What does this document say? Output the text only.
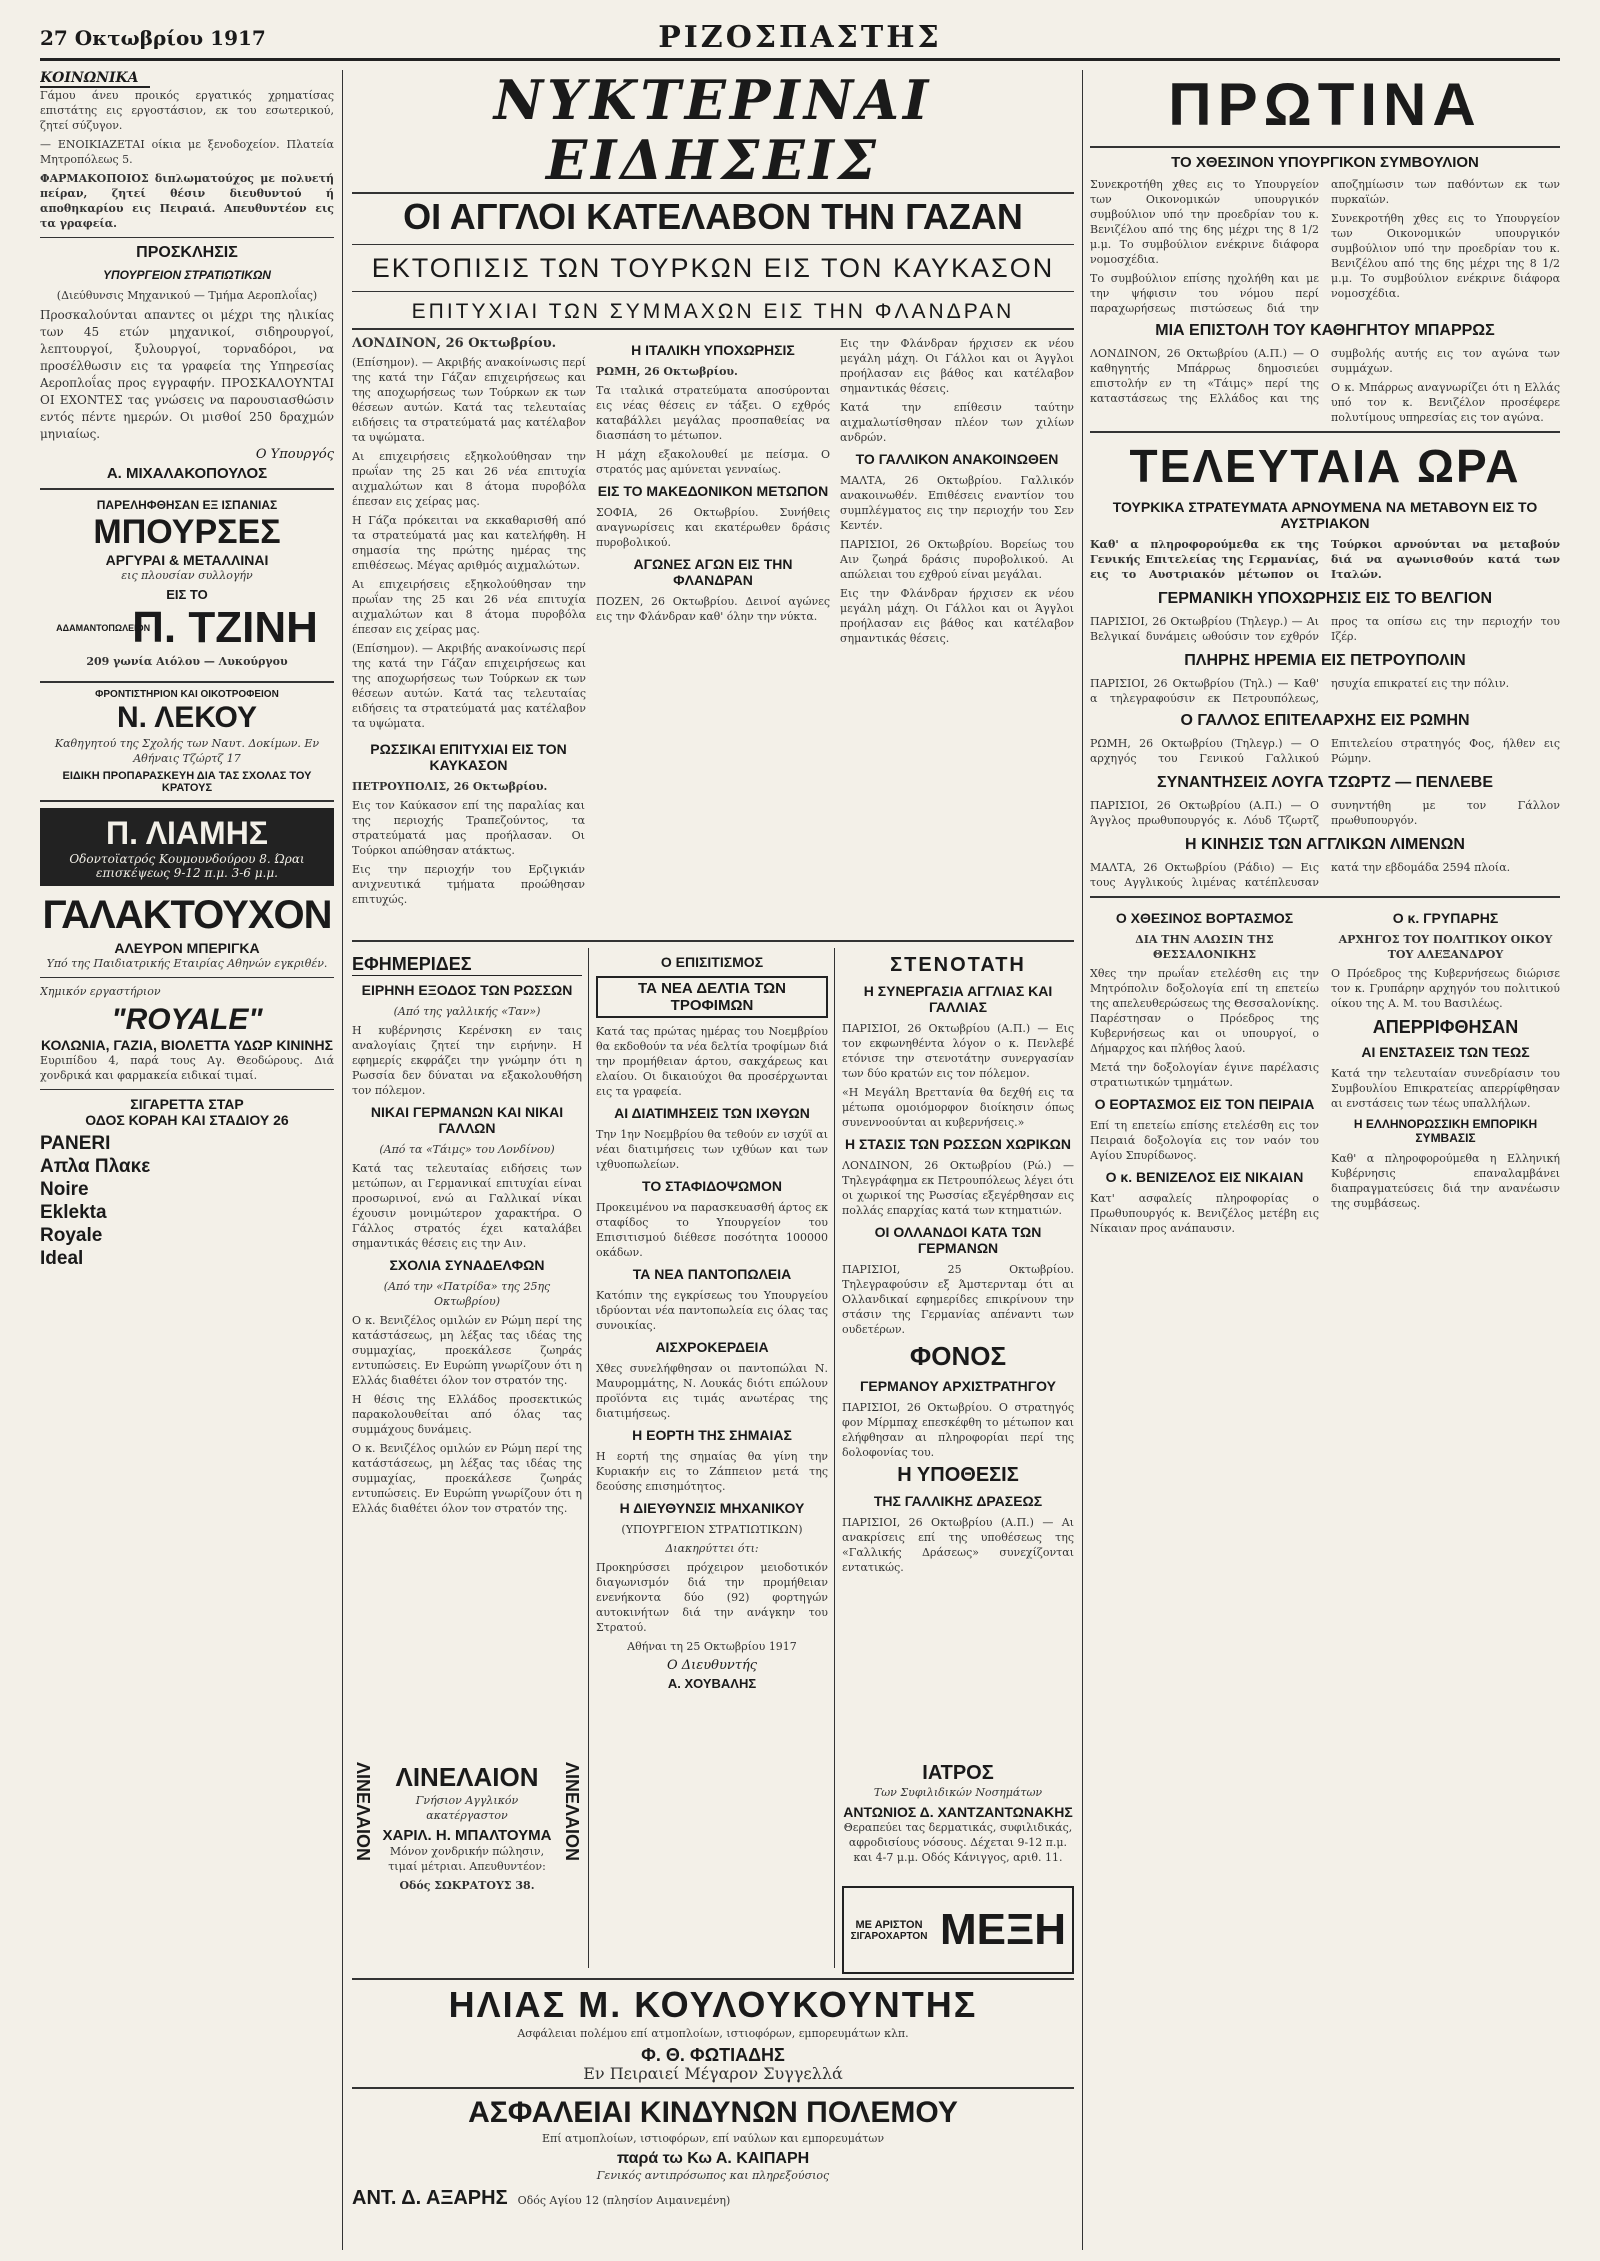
27 Οκτωβρίου 1917	ΡΙΖΟΣΠΑΣΤΗΣ
ΚΟΙΝΩΝΙΚΑ

Γάμου άνευ προικός εργατικός χρηματίσας επιστάτης εις εργοστάσιον, εκ του εσωτερικού, ζητεί σύζυγον.

— ΕΝΟΙΚΙΑΖΕΤΑΙ οίκια με ξενοδοχείον. Πλατεία Μητροπόλεως 5.

ΦΑΡΜΑΚΟΠΟΙΟΣ διπλωματούχος με πολυετή πείραν, ζητεί θέσιν διευθυντού ή αποθηκαρίου εις Πειραιά. Απευθυντέον εις τα γραφεία.

ΠΡΟΣΚΛΗΣΙΣ
ΥΠΟΥΡΓΕΙΟΝ ΣΤΡΑΤΙΩΤΙΚΩΝ
(Διεύθυνσις Μηχανικού — Τμήμα Αεροπλοΐας)

Προσκαλούνται απαντες οι μέχρι της ηλικίας των 45 ετών μηχανικοί, σιδηρουργοί, λεπτουργοί, ξυλουργοί, τορναδόροι, να προσέλθωσιν εις τα γραφεία της Υπηρεσίας Αεροπλοΐας προς εγγραφήν. ΠΡΟΣΚΑΛΟΥΝΤΑΙ ΟΙ ΕΧΟΝΤΕΣ τας γνώσεις να παρουσιασθώσιν εντός πέντε ημερών. Οι μισθοί 250 δραχμών μηνιαίως.

Ο Υπουργός
Α. ΜΙΧΑΛΑΚΟΠΟΥΛΟΣ
ΠΑΡΕΛΗΦΘΗΣΑΝ ΕΞ ΙΣΠΑΝΙΑΣ
ΜΠΟΥΡΣΕΣ
ΑΡΓΥΡΑΙ & ΜΕΤΑΛΛΙΝΑΙ
εις πλουσίαν συλλογήν
ΕΙΣ ΤΟ
ΑΔΑΜΑΝΤΟΠΩΛΕΙΟΝ
Π. ΤΖΙΝΗ
209 γωνία Αιόλου — Λυκούργου
ΦΡΟΝΤΙΣΤΗΡΙΟΝ ΚΑΙ ΟΙΚΟΤΡΟΦΕΙΟΝ
Ν. ΛΕΚΟΥ
Καθηγητού της Σχολής των Ναυτ. Δοκίμων. Εν Αθήναις Τζώρτζ 17
ΕΙΔΙΚΗ ΠΡΟΠΑΡΑΣΚΕΥΗ ΔΙΑ ΤΑΣ ΣΧΟΛΑΣ ΤΟΥ ΚΡΑΤΟΥΣ
Π. ΛΙΑΜΗΣ
Οδοντοϊατρός Κουμουνδούρου 8. Ώραι επισκέψεως 9-12 π.μ. 3-6 μ.μ.
ΓΑΛΑΚΤΟΥΧΟΝ
ΑΛΕΥΡΟΝ ΜΠΕΡΙΓΚΑ
Υπό της Παιδιατρικής Εταιρίας Αθηνών εγκριθέν.
Χημικόν εργαστήριον
"ROYALE"
ΚΟΛΩΝΙΑ, ΓΑΖΙΑ, ΒΙΟΛΕΤΤΑ ΥΔΩΡ ΚΙΝΙΝΗΣ
Ευριπίδου 4, παρά τους Αγ. Θεοδώρους. Διά χονδρικά και φαρμακεία ειδικαί τιμαί.
ΣΙΓΑΡΕΤΤΑ ΣΤΑΡ
ΟΔΟΣ ΚΟΡΑΗ ΚΑΙ ΣΤΑΔΙΟΥ 26
PANERI
Απλα Πλακε
Noire
Eklekta
Royale
Ideal
ΝΥΚΤΕΡΙΝΑΙ ΕΙΔΗΣΕΙΣ
ΟΙ ΑΓΓΛΟΙ ΚΑΤΕΛΑΒΟΝ ΤΗΝ ΓΑΖΑΝ
ΕΚΤΟΠΙΣΙΣ ΤΩΝ ΤΟΥΡΚΩΝ ΕΙΣ ΤΟΝ ΚΑΥΚΑΣΟΝ
ΕΠΙΤΥΧΙΑΙ ΤΩΝ ΣΥΜΜΑΧΩΝ ΕΙΣ ΤΗΝ ΦΛΑΝΔΡΑΝ

ΛΟΝΔΙΝΟΝ, 26 Οκτωβρίου.

(Επίσημον). — Ακριβής ανακοίνωσις περί της κατά την Γάζαν επιχειρήσεως και της αποχωρήσεως των Τούρκων εκ των θέσεων αυτών. Κατά τας τελευταίας ειδήσεις τα στρατεύματά μας κατέλαβον τα υψώματα.

Αι επιχειρήσεις εξηκολούθησαν την πρωΐαν της 25 και 26 νέα επιτυχία αιχμαλώτων και 8 άτομα πυροβόλα έπεσαν εις χείρας μας.

Η Γάζα πρόκειται να εκκαθαρισθή από τα στρατεύματά μας και κατελήφθη. Η σημασία της πρώτης ημέρας της επιθέσεως. Μέγας αριθμός αιχμαλώτων.

Αι επιχειρήσεις εξηκολούθησαν την πρωΐαν της 25 και 26 νέα επιτυχία αιχμαλώτων και 8 άτομα πυροβόλα έπεσαν εις χείρας μας.

(Επίσημον). — Ακριβής ανακοίνωσις περί της κατά την Γάζαν επιχειρήσεως και της αποχωρήσεως των Τούρκων εκ των θέσεων αυτών. Κατά τας τελευταίας ειδήσεις τα στρατεύματά μας κατέλαβον τα υψώματα.

Η ΙΤΑΛΙΚΗ ΥΠΟΧΩΡΗΣΙΣ

ΡΩΜΗ, 26 Οκτωβρίου.

Τα ιταλικά στρατεύματα αποσύρονται εις νέας θέσεις εν τάξει. Ο εχθρός καταβάλλει μεγάλας προσπαθείας να διασπάση το μέτωπον.

Η μάχη εξακολουθεί με πείσμα. Ο στρατός μας αμύνεται γενναίως.

ΕΙΣ ΤΟ ΜΑΚΕΔΟΝΙΚΟΝ ΜΕΤΩΠΟΝ

ΣΟΦΙΑ, 26 Οκτωβρίου. Συνήθεις αναγνωρίσεις και εκατέρωθεν δράσις πυροβολικού.

ΑΓΩΝΕΣ ΑΓΩΝ ΕΙΣ ΤΗΝ ΦΛΑΝΔΡΑΝ

ΠΟΖΕΝ, 26 Οκτωβρίου. Δεινοί αγώνες εις την Φλάνδραν καθ' όλην την νύκτα.

Εις την Φλάνδραν ήρχισεν εκ νέου μεγάλη μάχη. Οι Γάλλοι και οι Άγγλοι προήλασαν εις βάθος και κατέλαβον σημαντικάς θέσεις.

Κατά την επίθεσιν ταύτην αιχμαλωτίσθησαν πλέον των χιλίων ανδρών.

ΤΟ ΓΑΛΛΙΚΟΝ ΑΝΑΚΟΙΝΩΘΕΝ

ΜΑΛΤΑ, 26 Οκτωβρίου. Γαλλικόν ανακοινωθέν. Επιθέσεις εναντίον του συμπλέγματος εις την περιοχήν του Σεν Κεντέν.

ΠΑΡΙΣΙΟΙ, 26 Οκτωβρίου. Βορείως του Αιν ζωηρά δράσις πυροβολικού. Αι απώλειαι του εχθρού είναι μεγάλαι.

Εις την Φλάνδραν ήρχισεν εκ νέου μεγάλη μάχη. Οι Γάλλοι και οι Άγγλοι προήλασαν εις βάθος και κατέλαβον σημαντικάς θέσεις.

ΡΩΣΣΙΚΑΙ ΕΠΙΤΥΧΙΑΙ ΕΙΣ ΤΟΝ ΚΑΥΚΑΣΟΝ

ΠΕΤΡΟΥΠΟΛΙΣ, 26 Οκτωβρίου.

Εις τον Καύκασον επί της παραλίας και της περιοχής Τραπεζούντος, τα στρατεύματά μας προήλασαν. Οι Τούρκοι απώθησαν ατάκτως.

Εις την περιοχήν του Ερζιγκιάν ανιχνευτικά τμήματα προώθησαν επιτυχώς.

ΕΦΗΜΕΡΙΔΕΣ
ΕΙΡΗΝΗ ΕΞΟΔΟΣ ΤΩΝ ΡΩΣΣΩΝ
(Από της γαλλικής «Ταν»)

Η κυβέρνησις Κερένσκη εν ταις αναλογίαις ζητεί την ειρήνην. Η εφημερίς εκφράζει την γνώμην ότι η Ρωσσία δεν δύναται να εξακολουθήση τον πόλεμον.

ΝΙΚΑΙ ΓΕΡΜΑΝΩΝ ΚΑΙ ΝΙΚΑΙ ΓΑΛΛΩΝ
(Από τα «Τάιμς» του Λονδίνου)

Κατά τας τελευταίας ειδήσεις των μετώπων, αι Γερμανικαί επιτυχίαι είναι προσωρινοί, ενώ αι Γαλλικαί νίκαι έχουσιν μονιμώτερον χαρακτήρα. Ο Γάλλος στρατός έχει καταλάβει σημαντικάς θέσεις εις την Αιν.

ΣΧΟΛΙΑ ΣΥΝΑΔΕΛΦΩΝ
(Από την «Πατρίδα» της 25ης Οκτωβρίου)

Ο κ. Βενιζέλος ομιλών εν Ρώμη περί της κατάστάσεως, μη λέξας τας ιδέας της συμμαχίας, προεκάλεσε ζωηράς εντυπώσεις. Εν Ευρώπη γνωρίζουν ότι η Ελλάς διαθέτει όλον τον στρατόν της.

Η θέσις της Ελλάδος προσεκτικώς παρακολουθείται από όλας τας συμμάχους δυνάμεις.

Ο κ. Βενιζέλος ομιλών εν Ρώμη περί της κατάστάσεως, μη λέξας τας ιδέας της συμμαχίας, προεκάλεσε ζωηράς εντυπώσεις. Εν Ευρώπη γνωρίζουν ότι η Ελλάς διαθέτει όλον τον στρατόν της.

ΛΙΝΕΛΑΙΟΝ ΛΙΝΕΛΑΙΟΝ
Γνήσιον Αγγλικόν ακατέργαστον
ΧΑΡΙΛ. Η. ΜΠΑΛΤΟΥΜΑ
Μόνον χονδρικήν πώλησιν, τιμαί μέτριαι. Απευθυντέον:
Οδός ΣΩΚΡΑΤΟΥΣ 38.
ΛΙΝΕΛΑΙΟΝ
Ο ΕΠΙΣΙΤΙΣΜΟΣ
ΤΑ ΝΕΑ ΔΕΛΤΙΑ ΤΩΝ ΤΡΟΦΙΜΩΝ

Κατά τας πρώτας ημέρας του Νοεμβρίου θα εκδοθούν τα νέα δελτία τροφίμων διά την προμήθειαν άρτου, σακχάρεως και ελαίου. Οι δικαιούχοι θα προσέρχωνται εις τα γραφεία.

ΑΙ ΔΙΑΤΙΜΗΣΕΙΣ ΤΩΝ ΙΧΘΥΩΝ

Την 1ην Νοεμβρίου θα τεθούν εν ισχύϊ αι νέαι διατιμήσεις των ιχθύων και των ιχθυοπωλείων.

ΤΟ ΣΤΑΦΙΔΟΨΩΜΟΝ

Προκειμένου να παρασκευασθή άρτος εκ σταφίδος το Υπουργείον του Επισιτισμού διέθεσε ποσότητα 100000 οκάδων.

ΤΑ ΝΕΑ ΠΑΝΤΟΠΩΛΕΙΑ

Κατόπιν της εγκρίσεως του Υπουργείου ιδρύονται νέα παντοπωλεία εις όλας τας συνοικίας.

ΑΙΣΧΡΟΚΕΡΔΕΙΑ

Χθες συνελήφθησαν οι παντοπώλαι Ν. Μαυρομμάτης, Ν. Λουκάς διότι επώλουν προϊόντα εις τιμάς ανωτέρας της διατιμήσεως.

Η ΕΟΡΤΗ ΤΗΣ ΣΗΜΑΙΑΣ

Η εορτή της σημαίας θα γίνη την Κυριακήν εις το Ζάππειον μετά της δεούσης επισημότητος.

Η ΔΙΕΥΘΥΝΣΙΣ ΜΗΧΑΝΙΚΟΥ
(ΥΠΟΥΡΓΕΙΟΝ ΣΤΡΑΤΙΩΤΙΚΩΝ)
Διακηρύττει ότι:

Προκηρύσσει πρόχειρον μειοδοτικόν διαγωνισμόν διά την προμήθειαν ενενήκοντα δύο (92) φορτηγών αυτοκινήτων διά την ανάγκην του Στρατού.

Αθήναι τη 25 Οκτωβρίου 1917
Ο Διευθυντής
Α. ΧΟΥΒΑΛΗΣ
ΣΤΕΝΟΤΑΤΗ
Η ΣΥΝΕΡΓΑΣΙΑ ΑΓΓΛΙΑΣ ΚΑΙ ΓΑΛΛΙΑΣ

ΠΑΡΙΣΙΟΙ, 26 Οκτωβρίου (Α.Π.) — Εις τον εκφωνηθέντα λόγον ο κ. Πενλεβέ ετόνισε την στενοτάτην συνεργασίαν των δύο κρατών εις τον πόλεμον.

«Η Μεγάλη Βρεττανία θα δεχθή εις τα μέτωπα ομοιόμορφον διοίκησιν όπως συνεννοούνται αι κυβερνήσεις.»

Η ΣΤΑΣΙΣ ΤΩΝ ΡΩΣΣΩΝ ΧΩΡΙΚΩΝ

ΛΟΝΔΙΝΟΝ, 26 Οκτωβρίου (Ρώ.) — Τηλεγράφημα εκ Πετρουπόλεως λέγει ότι οι χωρικοί της Ρωσσίας εξεγέρθησαν εις πολλάς επαρχίας κατά των κτηματιών.

ΟΙ ΟΛΛΑΝΔΟΙ ΚΑΤΑ ΤΩΝ ΓΕΡΜΑΝΩΝ

ΠΑΡΙΣΙΟΙ, 25 Οκτωβρίου. Τηλεγραφούσιν εξ Άμστερνταμ ότι αι Ολλανδικαί εφημερίδες επικρίνουν την στάσιν της Γερμανίας απέναντι των ουδετέρων.

ΦΟΝΟΣ
ΓΕΡΜΑΝΟΥ ΑΡΧΙΣΤΡΑΤΗΓΟΥ

ΠΑΡΙΣΙΟΙ, 26 Οκτωβρίου. Ο στρατηγός φον Μίρμπαχ επεσκέφθη το μέτωπον και ελήφθησαν αι πληροφορίαι περί της δολοφονίας του.

Η ΥΠΟΘΕΣΙΣ
ΤΗΣ ΓΑΛΛΙΚΗΣ ΔΡΑΣΕΩΣ

ΠΑΡΙΣΙΟΙ, 26 Οκτωβρίου (Α.Π.) — Αι ανακρίσεις επί της υποθέσεως της «Γαλλικής Δράσεως» συνεχίζονται εντατικώς.

ΙΑΤΡΟΣ
Των Συφιλιδικών Νοσημάτων
ΑΝΤΩΝΙΟΣ Δ. ΧΑΝΤΖΑΝΤΩΝΑΚΗΣ
Θεραπεύει τας δερματικάς, συφιλιδικάς, αφροδισίους νόσους. Δέχεται 9-12 π.μ. και 4-7 μ.μ. Οδός Κάνιγγος, αριθ. 11.
ΜΕ ΑΡΙΣΤΟΝ
ΣΙΓΑΡΟΧΑΡΤΟΝ ΜΕΞΗ
ΗΛΙΑΣ Μ. ΚΟΥΛΟΥΚΟΥΝΤΗΣ
Ασφάλειαι πολέμου επί ατμοπλοίων, ιστιοφόρων, εμπορευμάτων κλπ.
Φ. Θ. ΦΩΤΙΑΔΗΣ
Εν Πειραιεί Μέγαρον Συγγελλά
ΑΣΦΑΛΕΙΑΙ ΚΙΝΔΥΝΩΝ ΠΟΛΕΜΟΥ
Επί ατμοπλοίων, ιστιοφόρων, επί ναύλων και εμπορευμάτων
παρά τω Κω Α. ΚΑΙΠΑΡΗ
Γενικός αντιπρόσωπος και πληρεξούσιος
ΑΝΤ. Δ. ΑΞΑΡΗΣ Οδός Αγίου 12 (πλησίον Αιμαινεμένη)
ΠΡΩΤΙΝΑ
ΤΟ ΧΘΕΣΙΝΟΝ ΥΠΟΥΡΓΙΚΟΝ ΣΥΜΒΟΥΛΙΟΝ

Συνεκροτήθη χθες εις το Υπουργείον των Οικονομικών υπουργικόν συμβούλιον υπό την προεδρίαν του κ. Βενιζέλου από της 6ης μέχρι της 8 1/2 μ.μ. Το συμβούλιον ενέκρινε διάφορα νομοσχέδια.

Το συμβούλιον επίσης ηχολήθη και με την ψήφισιν του νόμου περί παραχωρήσεως πιστώσεως διά την αποζημίωσιν των παθόντων εκ των πυρκαϊών.

Συνεκροτήθη χθες εις το Υπουργείον των Οικονομικών υπουργικόν συμβούλιον υπό την προεδρίαν του κ. Βενιζέλου από της 6ης μέχρι της 8 1/2 μ.μ. Το συμβούλιον ενέκρινε διάφορα νομοσχέδια.

ΜΙΑ ΕΠΙΣΤΟΛΗ ΤΟΥ ΚΑΘΗΓΗΤΟΥ ΜΠΑΡΡΩΣ

ΛΟΝΔΙΝΟΝ, 26 Οκτωβρίου (Α.Π.) — Ο καθηγητής Μπάρρως δημοσιεύει επιστολήν εν τη «Τάιμς» περί της καταστάσεως της Ελλάδος και της συμβολής αυτής εις τον αγώνα των συμμάχων.

Ο κ. Μπάρρως αναγνωρίζει ότι η Ελλάς υπό τον κ. Βενιζέλον προσέφερε πολυτίμους υπηρεσίας εις τον αγώνα.

ΤΕΛΕΥΤΑΙΑ ΩΡΑ
ΤΟΥΡΚΙΚΑ ΣΤΡΑΤΕΥΜΑΤΑ ΑΡΝΟΥΜΕΝΑ ΝΑ ΜΕΤΑΒΟΥΝ ΕΙΣ ΤΟ ΑΥΣΤΡΙΑΚΟΝ

Καθ' α πληροφορούμεθα εκ της Γενικής Επιτελείας της Γερμανίας, εις το Αυστριακόν μέτωπον οι Τούρκοι αρνούνται να μεταβούν διά να αγωνισθούν κατά των Ιταλών.

ΓΕΡΜΑΝΙΚΗ ΥΠΟΧΩΡΗΣΙΣ ΕΙΣ ΤΟ ΒΕΛΓΙΟΝ

ΠΑΡΙΣΙΟΙ, 26 Οκτωβρίου (Τηλεγρ.) — Αι Βελγικαί δυνάμεις ωθούσιν τον εχθρόν προς τα οπίσω εις την περιοχήν του Ιζέρ.

ΠΛΗΡΗΣ ΗΡΕΜΙΑ ΕΙΣ ΠΕΤΡΟΥΠΟΛΙΝ

ΠΑΡΙΣΙΟΙ, 26 Οκτωβρίου (Τηλ.) — Καθ' α τηλεγραφούσιν εκ Πετρουπόλεως, ησυχία επικρατεί εις την πόλιν.

Ο ΓΑΛΛΟΣ ΕΠΙΤΕΛΑΡΧΗΣ ΕΙΣ ΡΩΜΗΝ

ΡΩΜΗ, 26 Οκτωβρίου (Τηλεγρ.) — Ο αρχηγός του Γενικού Γαλλικού Επιτελείου στρατηγός Φος, ήλθεν εις Ρώμην.

ΣΥΝΑΝΤΗΣΕΙΣ ΛΟΥΓΑ ΤΖΩΡΤΖ — ΠΕΝΛΕΒΕ

ΠΑΡΙΣΙΟΙ, 26 Οκτωβρίου (Α.Π.) — Ο Άγγλος πρωθυπουργός κ. Λόυδ Τζωρτζ συνηντήθη με τον Γάλλον πρωθυπουργόν.

Η ΚΙΝΗΣΙΣ ΤΩΝ ΑΓΓΛΙΚΩΝ ΛΙΜΕΝΩΝ

ΜΑΛΤΑ, 26 Οκτωβρίου (Ράδιο) — Εις τους Αγγλικούς λιμένας κατέπλευσαν κατά την εβδομάδα 2594 πλοία.

Ο ΧΘΕΣΙΝΟΣ ΒΟΡΤΑΣΜΟΣ
ΔΙΑ ΤΗΝ ΑΛΩΣΙΝ ΤΗΣ ΘΕΣΣΑΛΟΝΙΚΗΣ

Χθες την πρωΐαν ετελέσθη εις την Μητρόπολιν δοξολογία επί τη επετείω της απελευθερώσεως της Θεσσαλονίκης. Παρέστησαν ο Πρόεδρος της Κυβερνήσεως και οι υπουργοί, ο Δήμαρχος και πλήθος λαού.

Μετά την δοξολογίαν έγινε παρέλασις στρατιωτικών τμημάτων.

Ο ΕΟΡΤΑΣΜΟΣ ΕΙΣ ΤΟΝ ΠΕΙΡΑΙΑ

Επί τη επετείω επίσης ετελέσθη εις τον Πειραιά δοξολογία εις τον ναόν του Αγίου Σπυρίδωνος.

Ο κ. ΒΕΝΙΖΕΛΟΣ ΕΙΣ ΝΙΚΑΙΑΝ

Κατ' ασφαλείς πληροφορίας ο Πρωθυπουργός κ. Βενιζέλος μετέβη εις Νίκαιαν προς ανάπαυσιν.

Ο κ. ΓΡΥΠΑΡΗΣ
ΑΡΧΗΓΟΣ ΤΟΥ ΠΟΛΙΤΙΚΟΥ ΟΙΚΟΥ ΤΟΥ ΑΛΕΞΑΝΔΡΟΥ

Ο Πρόεδρος της Κυβερνήσεως διώρισε τον κ. Γρυπάρην αρχηγόν του πολιτικού οίκου της Α. Μ. του Βασιλέως.

ΑΠΕΡΡΙΦΘΗΣΑΝ
ΑΙ ΕΝΣΤΑΣΕΙΣ ΤΩΝ ΤΕΩΣ

Κατά την τελευταίαν συνεδρίασιν του Συμβουλίου Επικρατείας απερρίφθησαν αι ενστάσεις των τέως υπαλλήλων.

Η ΕΛΛΗΝΟΡΩΣΣΙΚΗ ΕΜΠΟΡΙΚΗ ΣΥΜΒΑΣΙΣ

Καθ' α πληροφορούμεθα η Ελληνική Κυβέρνησις επαναλαμβάνει διαπραγματεύσεις διά την ανανέωσιν της συμβάσεως.
